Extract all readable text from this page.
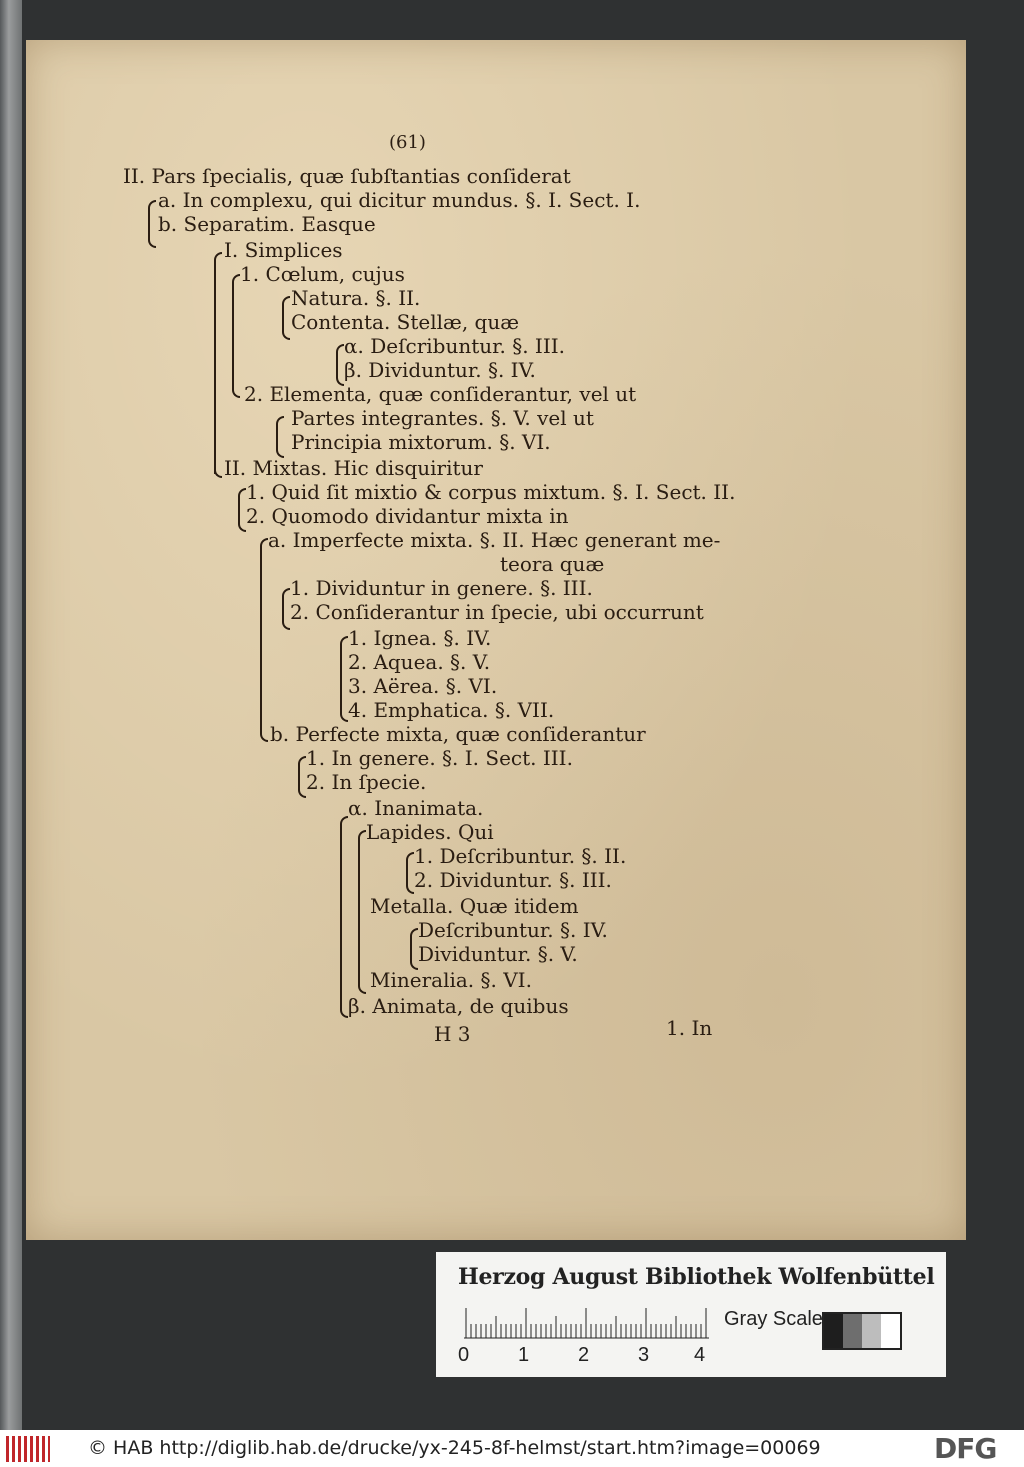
(61)
II. Pars ſpecialis, quæ ſubſtantias conſiderat
a. In complexu, qui dicitur mundus. §. I. Sect. I.
b. Separatim. Easque
I. Simplices
1. Cœlum, cujus
Natura. §. II.
Contenta. Stellæ, quæ
α. Deſcribuntur. §. III.
β. Dividuntur. §. IV.
2. Elementa, quæ conſiderantur, vel ut
Partes integrantes. §. V. vel ut
Principia mixtorum. §. VI.
II. Mixtas. Hic disquiritur
1. Quid ſit mixtio & corpus mixtum. §. I. Sect. II.
2. Quomodo dividantur mixta in
a. Imperfecte mixta. §. II. Hæc generant me-
teora quæ
1. Dividuntur in genere. §. III.
2. Conſiderantur in ſpecie, ubi occurrunt
1. Ignea. §. IV.
2. Aquea. §. V.
3. Aërea. §. VI.
4. Emphatica. §. VII.
b. Perfecte mixta, quæ conſiderantur
1. In genere. §. I. Sect. III.
2. In ſpecie.
α. Inanimata.
Lapides. Qui
1. Deſcribuntur. §. II.
2. Dividuntur. §. III.
Metalla. Quæ itidem
Deſcribuntur. §. IV.
Dividuntur. §. V.
Mineralia. §. VI.
β. Animata, de quibus
H 3	1. In
Herzog August Bibliothek Wolfenbüttel
0 1 2 3 4
Gray Scale
© HAB http://diglib.hab.de/drucke/yx-245-8f-helmst/start.htm?image=00069	DFG
